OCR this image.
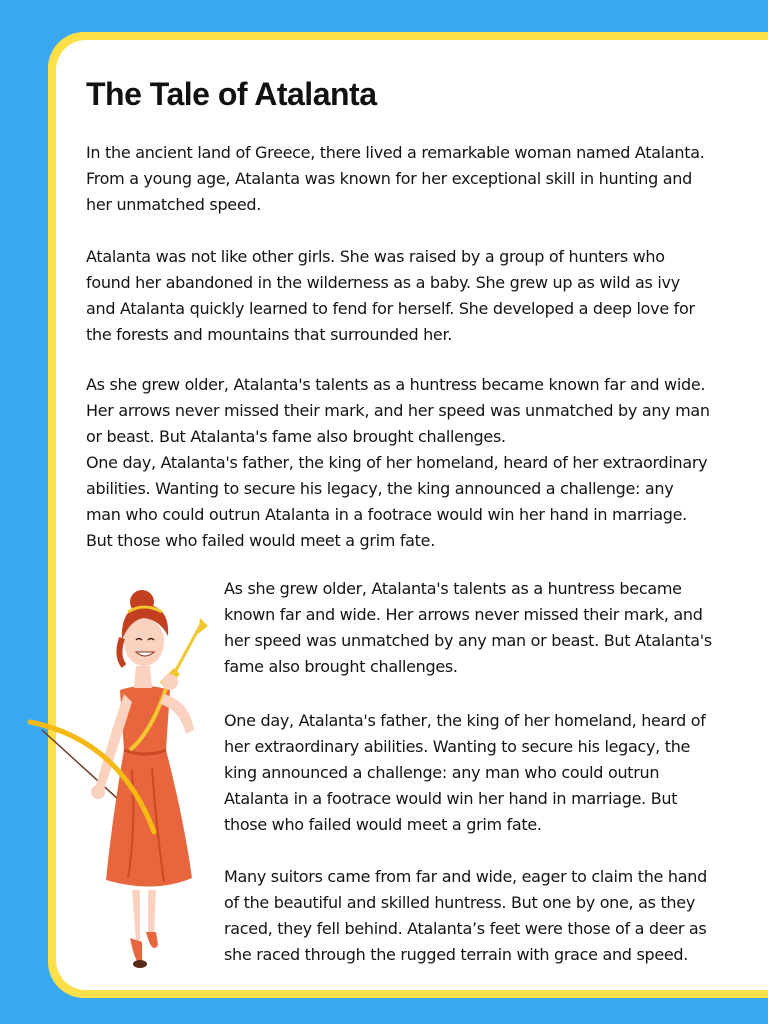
The Tale of Atalanta

In the ancient land of Greece, there lived a remarkable woman named Atalanta.
From a young age, Atalanta was known for her exceptional skill in hunting and
her unmatched speed.

Atalanta was not like other girls. She was raised by a group of hunters who
found her abandoned in the wilderness as a baby. She grew up as wild as ivy
and Atalanta quickly learned to fend for herself. She developed a deep love for
the forests and mountains that surrounded her.

As she grew older, Atalanta's talents as a huntress became known far and wide.
Her arrows never missed their mark, and her speed was unmatched by any man
or beast. But Atalanta's fame also brought challenges.
One day, Atalanta's father, the king of her homeland, heard of her extraordinary
abilities. Wanting to secure his legacy, the king announced a challenge: any
man who could outrun Atalanta in a footrace would win her hand in marriage.
But those who failed would meet a grim fate.

As she grew older, Atalanta's talents as a huntress became
known far and wide. Her arrows never missed their mark, and
her speed was unmatched by any man or beast. But Atalanta's
fame also brought challenges.

One day, Atalanta's father, the king of her homeland, heard of
her extraordinary abilities. Wanting to secure his legacy, the
king announced a challenge: any man who could outrun
Atalanta in a footrace would win her hand in marriage. But
those who failed would meet a grim fate.

Many suitors came from far and wide, eager to claim the hand
of the beautiful and skilled huntress. But one by one, as they
raced, they fell behind. Atalanta’s feet were those of a deer as
she raced through the rugged terrain with grace and speed.
